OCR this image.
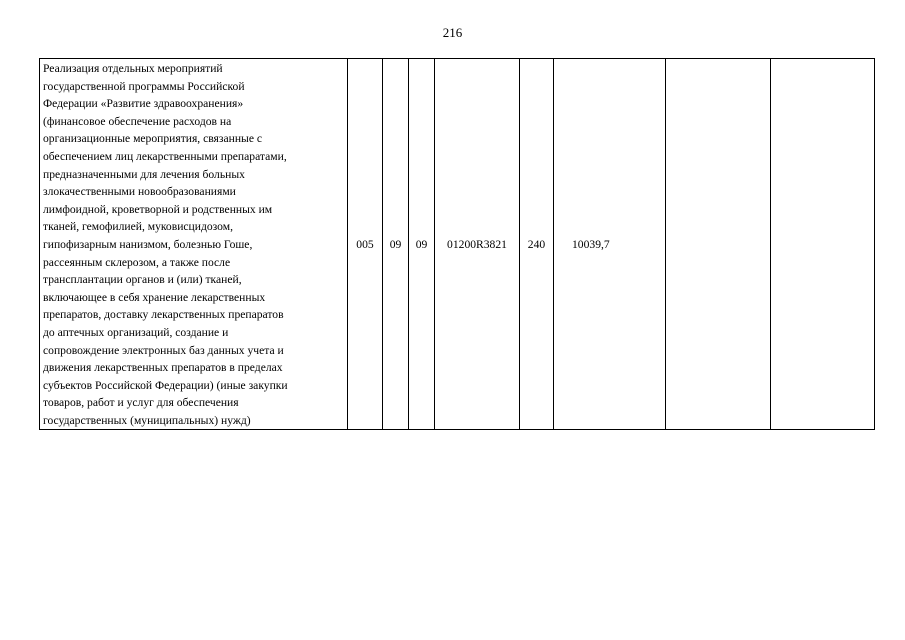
216
Реализация отдельных мероприятий
государственной программы Российской
Федерации «Развитие здравоохранения»
(финансовое обеспечение расходов на
организационные мероприятия, связанные с
обеспечением лиц лекарственными препаратами,
предназначенными для лечения больных
злокачественными новообразованиями
лимфоидной, кроветворной и родственных им
тканей, гемофилией, муковисцидозом,
гипофизарным нанизмом, болезнью Гоше,
рассеянным склерозом, а также после
трансплантации органов и (или) тканей,
включающее в себя хранение лекарственных
препаратов, доставку лекарственных препаратов
до аптечных организаций, создание и
сопровождение электронных баз данных учета и
движения лекарственных препаратов в пределах
субъектов Российской Федерации) (иные закупки
товаров, работ и услуг для обеспечения
государственных (муниципальных) нужд)
	005	09	09	01200R3821	240	10039,7		
